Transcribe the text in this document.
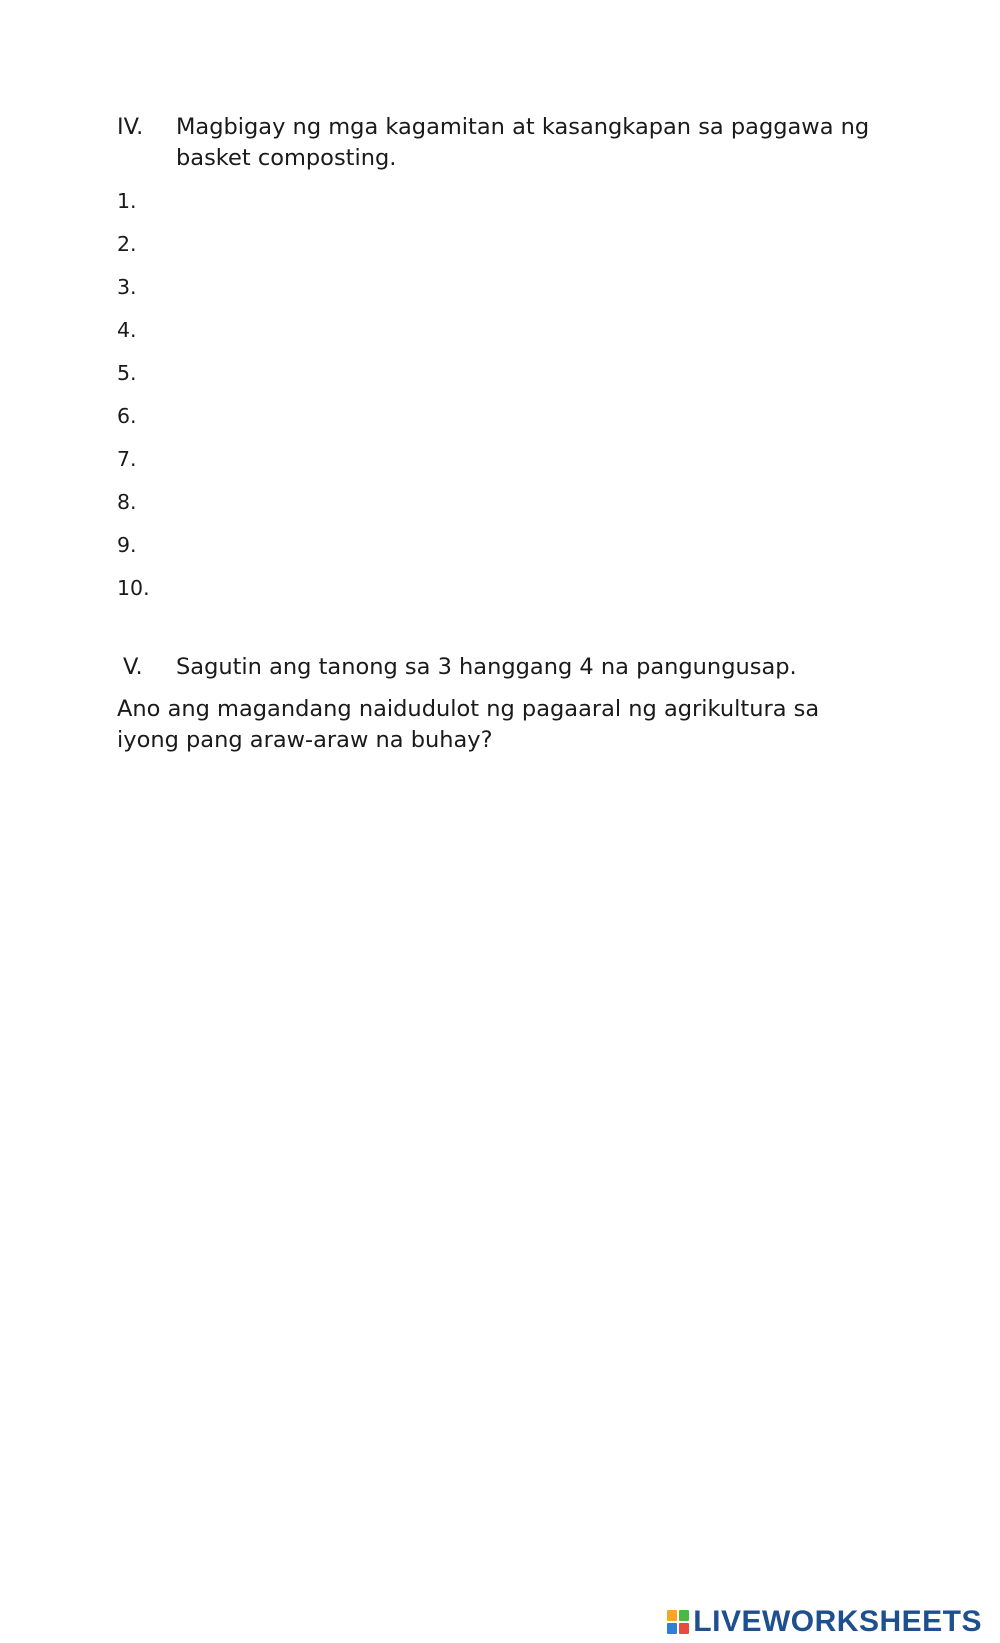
IV.	Magbigay ng mga kagamitan at kasangkapan sa paggawa ng basket composting.
1.
2.
3.
4.
5.
6.
7.
8.
9.
10.
V.	Sagutin ang tanong sa 3 hanggang 4 na pangungusap.
Ano ang magandang naidudulot ng pagaaral ng agrikultura sa iyong pang araw-araw na buhay?
LIVEWORKSHEETS
